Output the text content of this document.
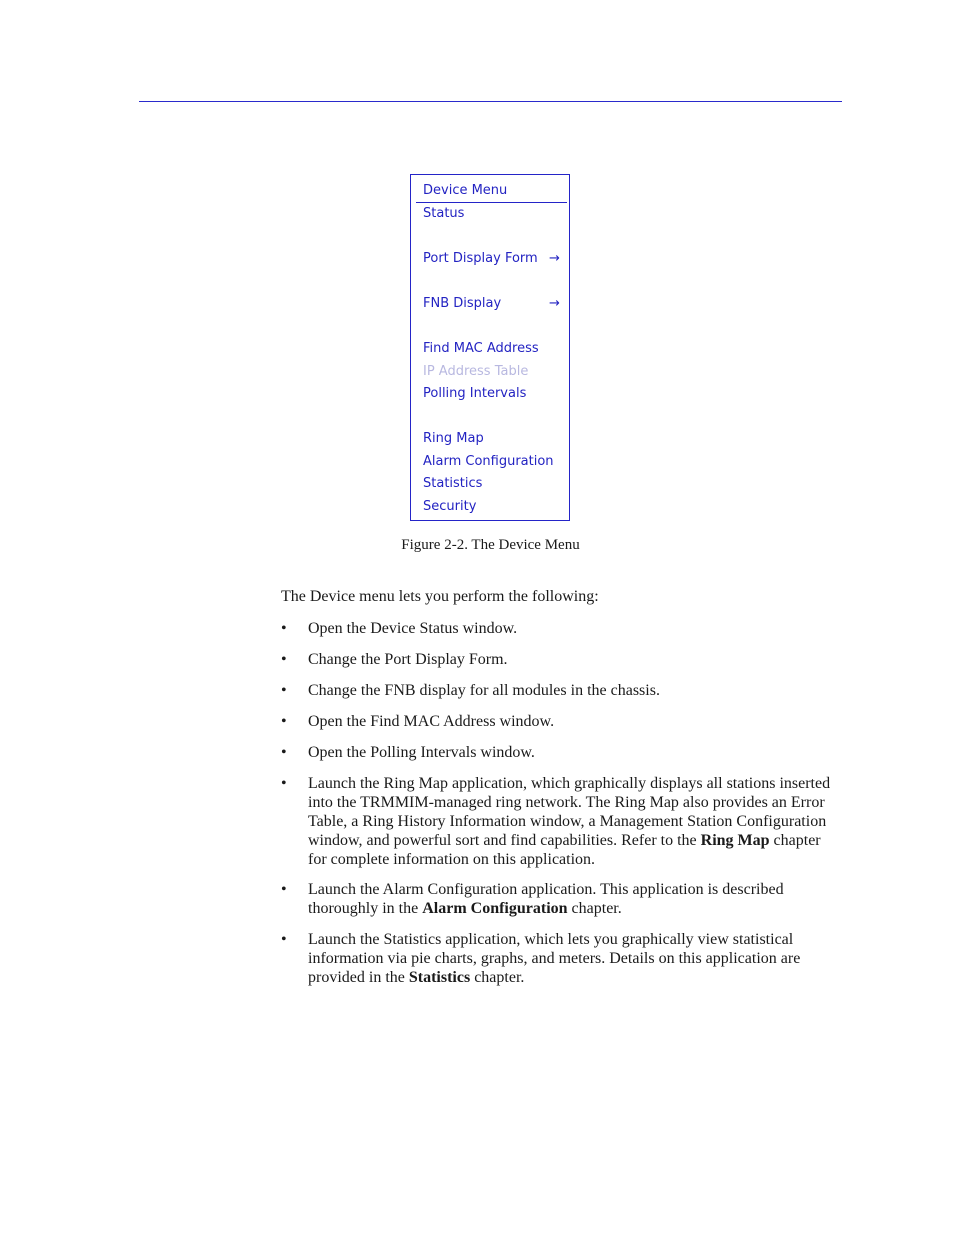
Device Menu
Status
Port Display Form →
FNB Display	→
Find MAC Address
IP Address Table
Polling Intervals
Ring Map
Alarm Configuration
Statistics
Security
Figure 2-2. The Device Menu
The Device menu lets you perform the following:
• Open the Device Status window.
• Change the Port Display Form.
• Change the FNB display for all modules in the chassis.
• Open the Find MAC Address window.
• Open the Polling Intervals window.
• Launch the Ring Map application, which graphically displays all stations inserted into the TRMMIM-managed ring network. The Ring Map also provides an Error Table, a Ring History Information window, a Management Station Configuration window, and powerful sort and find capabilities. Refer to the Ring Map chapter for complete information on this application.
• Launch the Alarm Configuration application. This application is described thoroughly in the Alarm Configuration chapter.
• Launch the Statistics application, which lets you graphically view statistical information via pie charts, graphs, and meters. Details on this application are provided in the Statistics chapter.
